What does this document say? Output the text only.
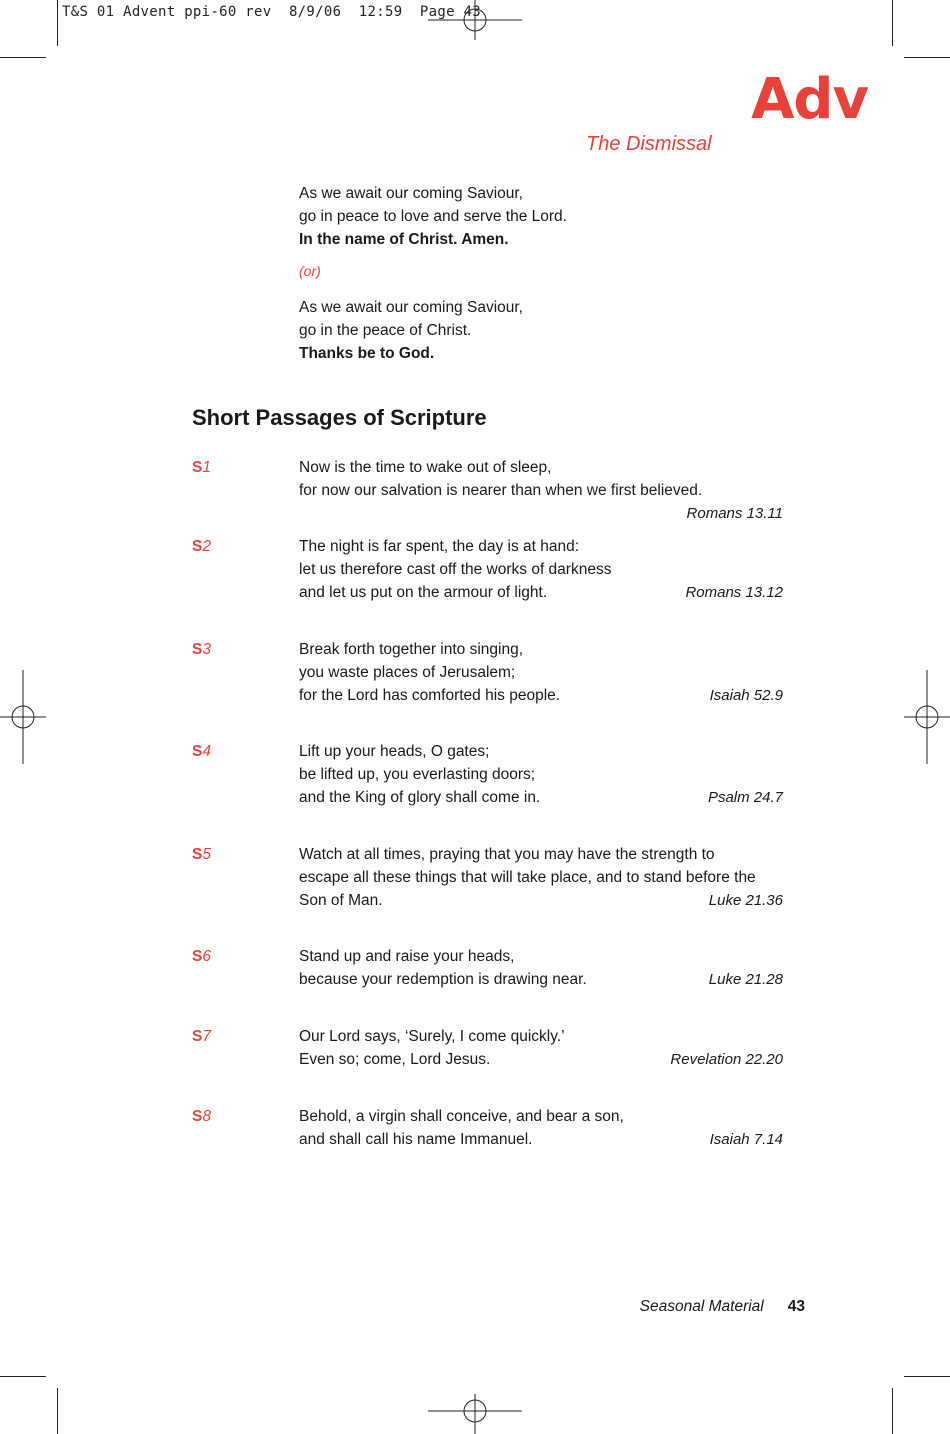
T&S 01 Advent ppi-60 rev  8/9/06  12:59  Page 43
Adv
The Dismissal
As we await our coming Saviour,
go in peace to love and serve the Lord.
In the name of Christ. Amen.
(or)
As we await our coming Saviour,
go in the peace of Christ.
Thanks be to God.
Short Passages of Scripture
S1	Now is the time to wake out of sleep,
for now our salvation is nearer than when we first believed.
Romans 13.11
S2	The night is far spent, the day is at hand:
let us therefore cast off the works of darkness
and let us put on the armour of light.	Romans 13.12
S3	Break forth together into singing,
you waste places of Jerusalem;
for the Lord has comforted his people.	Isaiah 52.9
S4	Lift up your heads, O gates;
be lifted up, you everlasting doors;
and the King of glory shall come in.	Psalm 24.7
S5	Watch at all times, praying that you may have the strength to
escape all these things that will take place, and to stand before the
Son of Man.	Luke 21.36
S6	Stand up and raise your heads,
because your redemption is drawing near.	Luke 21.28
S7	Our Lord says, ‘Surely, I come quickly.’
Even so; come, Lord Jesus.	Revelation 22.20
S8	Behold, a virgin shall conceive, and bear a son,
and shall call his name Immanuel.	Isaiah 7.14
Seasonal Material 43
